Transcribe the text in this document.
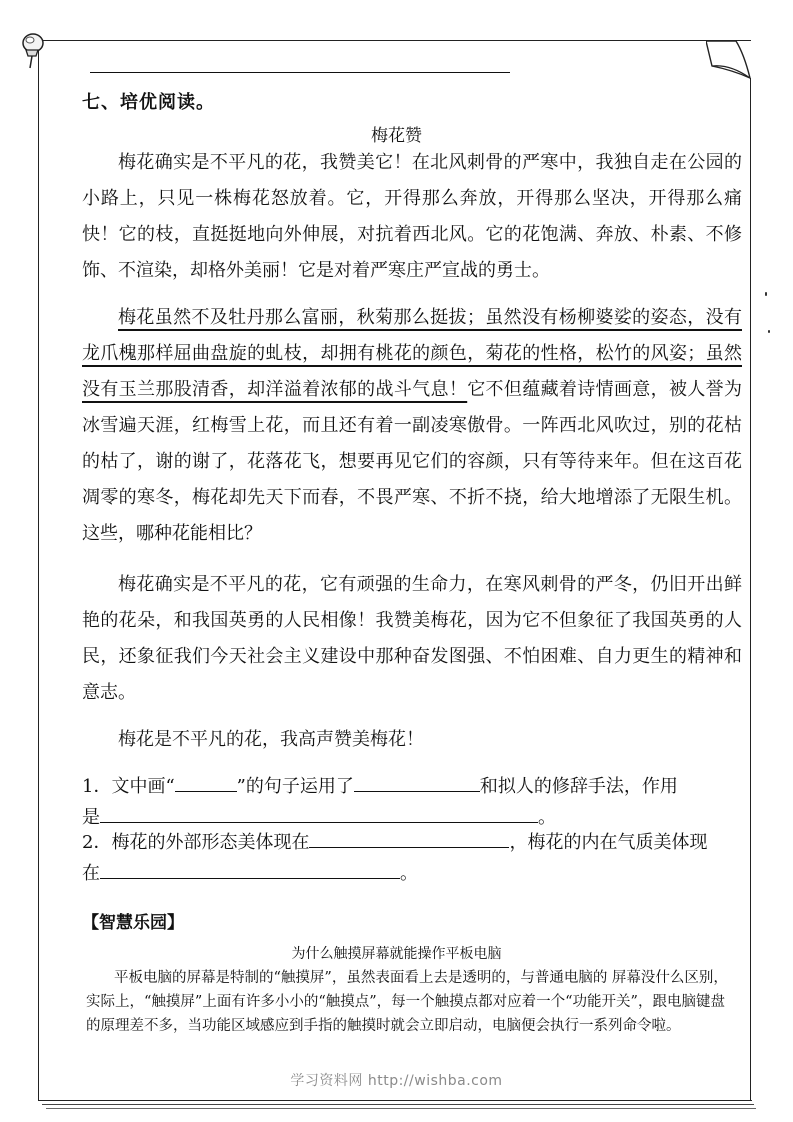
七、培优阅读。
梅花赞

梅花确实是不平凡的花，我赞美它！在北风刺骨的严寒中，我独自走在公园的小路上，只见一株梅花怒放着。它，开得那么奔放，开得那么坚决，开得那么痛快！它的枝，直挺挺地向外伸展，对抗着西北风。它的花饱满、奔放、朴素、不修饰、不渲染，却格外美丽！它是对着严寒庄严宣战的勇士。

梅花虽然不及牡丹那么富丽，秋菊那么挺拔；虽然没有杨柳婆娑的姿态，没有龙爪槐那样屈曲盘旋的虬枝，却拥有桃花的颜色，菊花的性格，松竹的风姿；虽然没有玉兰那股清香，却洋溢着浓郁的战斗气息！它不但蕴藏着诗情画意，被人誉为冰雪遍天涯，红梅雪上花，而且还有着一副凌寒傲骨。一阵西北风吹过，别的花枯的枯了，谢的谢了，花落花飞，想要再见它们的容颜，只有等待来年。但在这百花凋零的寒冬，梅花却先天下而春，不畏严寒、不折不挠，给大地增添了无限生机。这些，哪种花能相比？

梅花确实是不平凡的花，它有顽强的生命力，在寒风刺骨的严冬，仍旧开出鲜艳的花朵，和我国英勇的人民相像！我赞美梅花，因为它不但象征了我国英勇的人民，还象征我们今天社会主义建设中那种奋发图强、不怕困难、自力更生的精神和意志。

梅花是不平凡的花，我高声赞美梅花！

1．文中画“	”的句子运用了	和拟人的修辞手法，作用
是	。

2．梅花的外部形态美体现在	，梅花的内在气质美体现
在	。

【智慧乐园】
为什么触摸屏幕就能操作平板电脑

平板电脑的屏幕是特制的“触摸屏”，虽然表面看上去是透明的，与普通电脑的 屏幕没什么区别，实际上，“触摸屏”上面有许多小小的“触摸点”，每一个触摸点都对应着一个“功能开关”，跟电脑键盘的原理差不多，当功能区域感应到手指的触摸时就会立即启动，电脑便会执行一系列命令啦。

学习资料网 http://wishba.com
